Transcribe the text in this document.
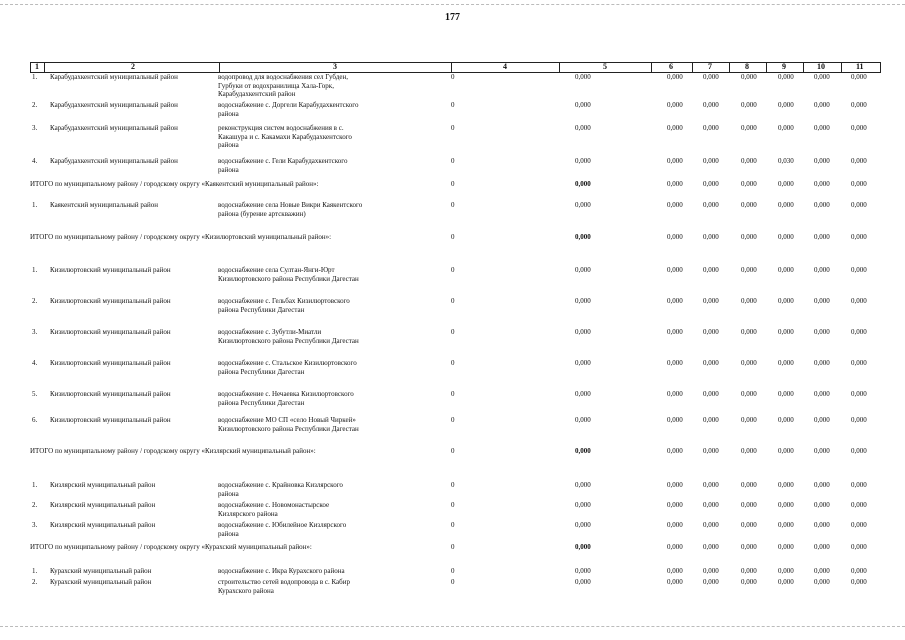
177
1	2	3	4	5	6	7	8	9	10	11
1. Карабудахкентский муниципальный район	водопровод для водоснабжения сел Губден,
Гурбуки от водохранилища Хала-Горк,
Карабудахкентский район
0	0,000	0,000	0,000	0,000	0,000	0,000	0,000
2. Карабудахкентский муниципальный район	водоснабжение с. Доргели Карабудахкентского
района
0	0,000	0,000	0,000	0,000	0,000	0,000	0,000
3. Карабудахкентский муниципальный район	реконструкция систем водоснабжения в с.
Какашура и с. Какамахи Карабудахкентского
района
0	0,000	0,000	0,000	0,000	0,000	0,000	0,000
4. Карабудахкентский муниципальный район	водоснабжение с. Гели Карабудахкентского
района
0	0,000	0,000	0,000	0,000	0,030	0,000	0,000
ИТОГО по муниципальному району / городскому округу «Каякентский муниципальный район»:	0	0,000	0,000	0,000	0,000	0,000	0,000	0,000
1. Каякентский муниципальный район	водоснабжение села Новые Викри Каякентского
района (бурение артскважин)
0	0,000	0,000	0,000	0,000	0,000	0,000	0,000
ИТОГО по муниципальному району / городскому округу «Кизилюртовский муниципальный район»:	0	0,000	0,000	0,000	0,000	0,000	0,000	0,000
1. Кизилюртовский муниципальный район	водоснабжение села Султан-Янги-Юрт
Кизилюртовского района Республики Дагестан
0	0,000	0,000	0,000	0,000	0,000	0,000	0,000
2. Кизилюртовский муниципальный район	водоснабжение с. Гельбах Кизилюртовского
района Республики Дагестан
0	0,000	0,000	0,000	0,000	0,000	0,000	0,000
3. Кизилюртовский муниципальный район	водоснабжение с. Зубутли-Миатли
Кизилюртовского района Республики Дагестан
0	0,000	0,000	0,000	0,000	0,000	0,000	0,000
4. Кизилюртовский муниципальный район	водоснабжение с. Стальское Кизилюртовского
района Республики Дагестан
0	0,000	0,000	0,000	0,000	0,000	0,000	0,000
5. Кизилюртовский муниципальный район	водоснабжение с. Нечаевка Кизилюртовского
района Республики Дагестан
0	0,000	0,000	0,000	0,000	0,000	0,000	0,000
6. Кизилюртовский муниципальный район	водоснабжение МО СП «село Новый Чиркей»
Кизилюртовского района Республики Дагестан
0	0,000	0,000	0,000	0,000	0,000	0,000	0,000
ИТОГО по муниципальному району / городскому округу «Кизлярский муниципальный район»:	0	0,000	0,000	0,000	0,000	0,000	0,000	0,000
1. Кизлярский муниципальный район	водоснабжение с. Крайновка Кизлярского
района
0	0,000	0,000	0,000	0,000	0,000	0,000	0,000
2. Кизлярский муниципальный район	водоснабжение с. Новомонастырское
Кизлярского района
0	0,000	0,000	0,000	0,000	0,000	0,000	0,000
3. Кизлярский муниципальный район	водоснабжение с. Юбилейное Кизлярского
района
0	0,000	0,000	0,000	0,000	0,000	0,000	0,000
ИТОГО по муниципальному району / городскому округу «Курахский муниципальный район»:	0	0,000	0,000	0,000	0,000	0,000	0,000	0,000
1. Курахский муниципальный район	водоснабжение с. Икра Курахского района	0	0,000	0,000	0,000	0,000	0,000	0,000	0,000
2. Курахский муниципальный район	строительство сетей водопровода в с. Кабир
Курахского района
0	0,000	0,000	0,000	0,000	0,000	0,000	0,000
